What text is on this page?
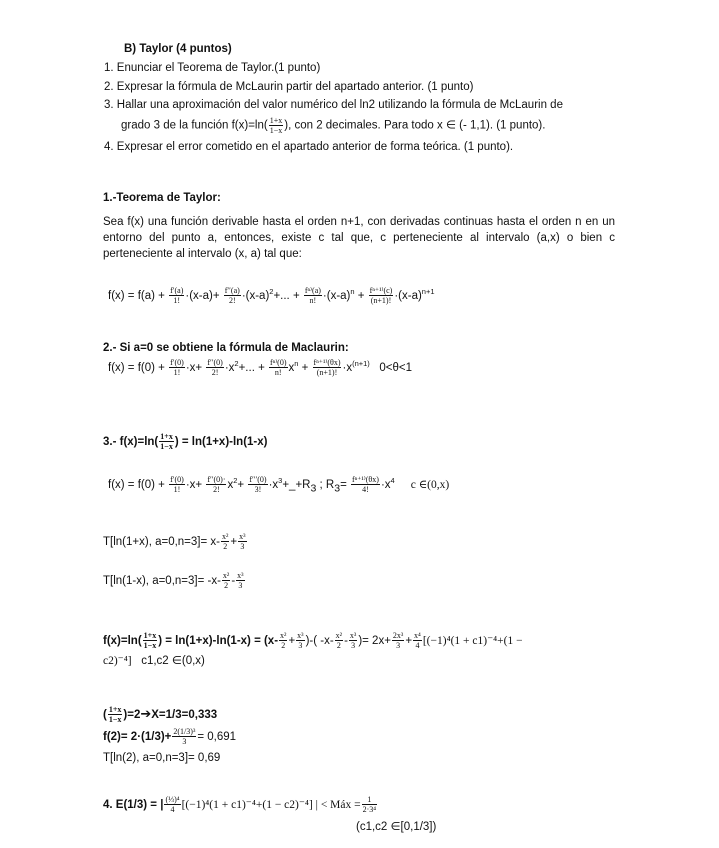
B) Taylor (4 puntos)
1. Enunciar el Teorema de Taylor.(1 punto)
2. Expresar la fórmula de McLaurin partir del apartado anterior. (1 punto)
3. Hallar una aproximación del valor numérico del ln2 utilizando la fórmula de McLaurin de
grado 3 de la función $f(x)=\ln( \frac{1+x}{1-x}$ ), con 2 decimales. Para todo x ∈ (- 1,1). (1 punto).
4. Expresar el error cometido en el apartado anterior de forma teórica. (1 punto).
1.-Teorema de Taylor:
Sea f(x) una función derivable hasta el orden n+1, con derivadas continuas hasta el orden n en un entorno del punto a, entonces, existe c tal que, c perteneciente al intervalo (a,x) o bien c perteneciente al intervalo (x, a) tal que:
$f(x) = f(a) + \frac{f'(a)}{1!} \cdot(x-a)+ \frac{f''(a)}{2!} \cdot(x-a)^2+$... + $\frac{\text{fⁿ⁾(a)}}{n!} \cdot(x-a)^n + \frac{\text{fⁿ⁺¹⁾(c)}}{(n+1)!} \cdot(x-a)^{n+1}$
2.- Si a=0 se obtiene la fórmula de Maclaurin:
$f(x) = f(0) + \frac{f'(0)}{1!} \cdot x+ \frac{f''(0)}{2!} \cdot x^2+$... + $\frac{\text{fⁿ⁾(0)}}{n!} x^n + \frac{\text{fⁿ⁺¹⁾(θx)}}{(n+1)!} \cdot x^{(n+1)}$ 0<θ<1
3.- $f(x)=\ln( \frac{1+x}{1-x}$ ) = ln(1+x)-ln(1-x)
$f(x) = f(0) + \frac{f'(0)}{1!} \cdot x+ \frac{f''(0)\cdot}{2!} x^2+ \frac{f'''(0)}{3!}$ $\cdot x^3+\_+R_3$ ; $R_3= \frac{\text{fⁿ⁺¹⁾(θx)}}{4!} \cdot x^4$ c ∈(0,x)
T[ln(1+x), $a=0,n=3]= x- \frac{\text{x²}}{2} + \frac{\text{x³}}{3}$
T[ln(1-x), $a=0,n=3]= -x- \frac{\text{x²}}{2} - \frac{\text{x³}}{3}$
$f(x)=\ln( \frac{1+x}{1-x}$ ) = $\ln(1+x)-\ln(1-x) = (x- \frac{\text{x²}}{2} + \frac{\text{x³}}{3}$ )-( $-x- \frac{\text{x²}}{2} - \frac{\text{x³}}{3}$ )= $2x+ \frac{\text{2x³}}{3} + \frac{\text{x⁴}}{4} [(-1)^4(1 + c1)^{-4}+(1$ −
c2)⁻⁴] c1,c2 ∈(0,x)
( $\frac{1+x}{1-x}$ )=2➔X=1/3=0,333
$f(2)= 2\cdot(1/3)+ \frac{\text{2(1/3)³}}{3} = 0,691$
T[ln(2), a=0,n=3]= 0,69
4. E(1/3) = | $\frac{\text{(⅓)⁴}}{4} [(-1)^4(1 + c1)^{-4}+(1 - c2)^{-4}]$ | < Máx = $\frac{1}{\text{2·3⁴}}$
(c1,c2 ∈[0,1/3])
